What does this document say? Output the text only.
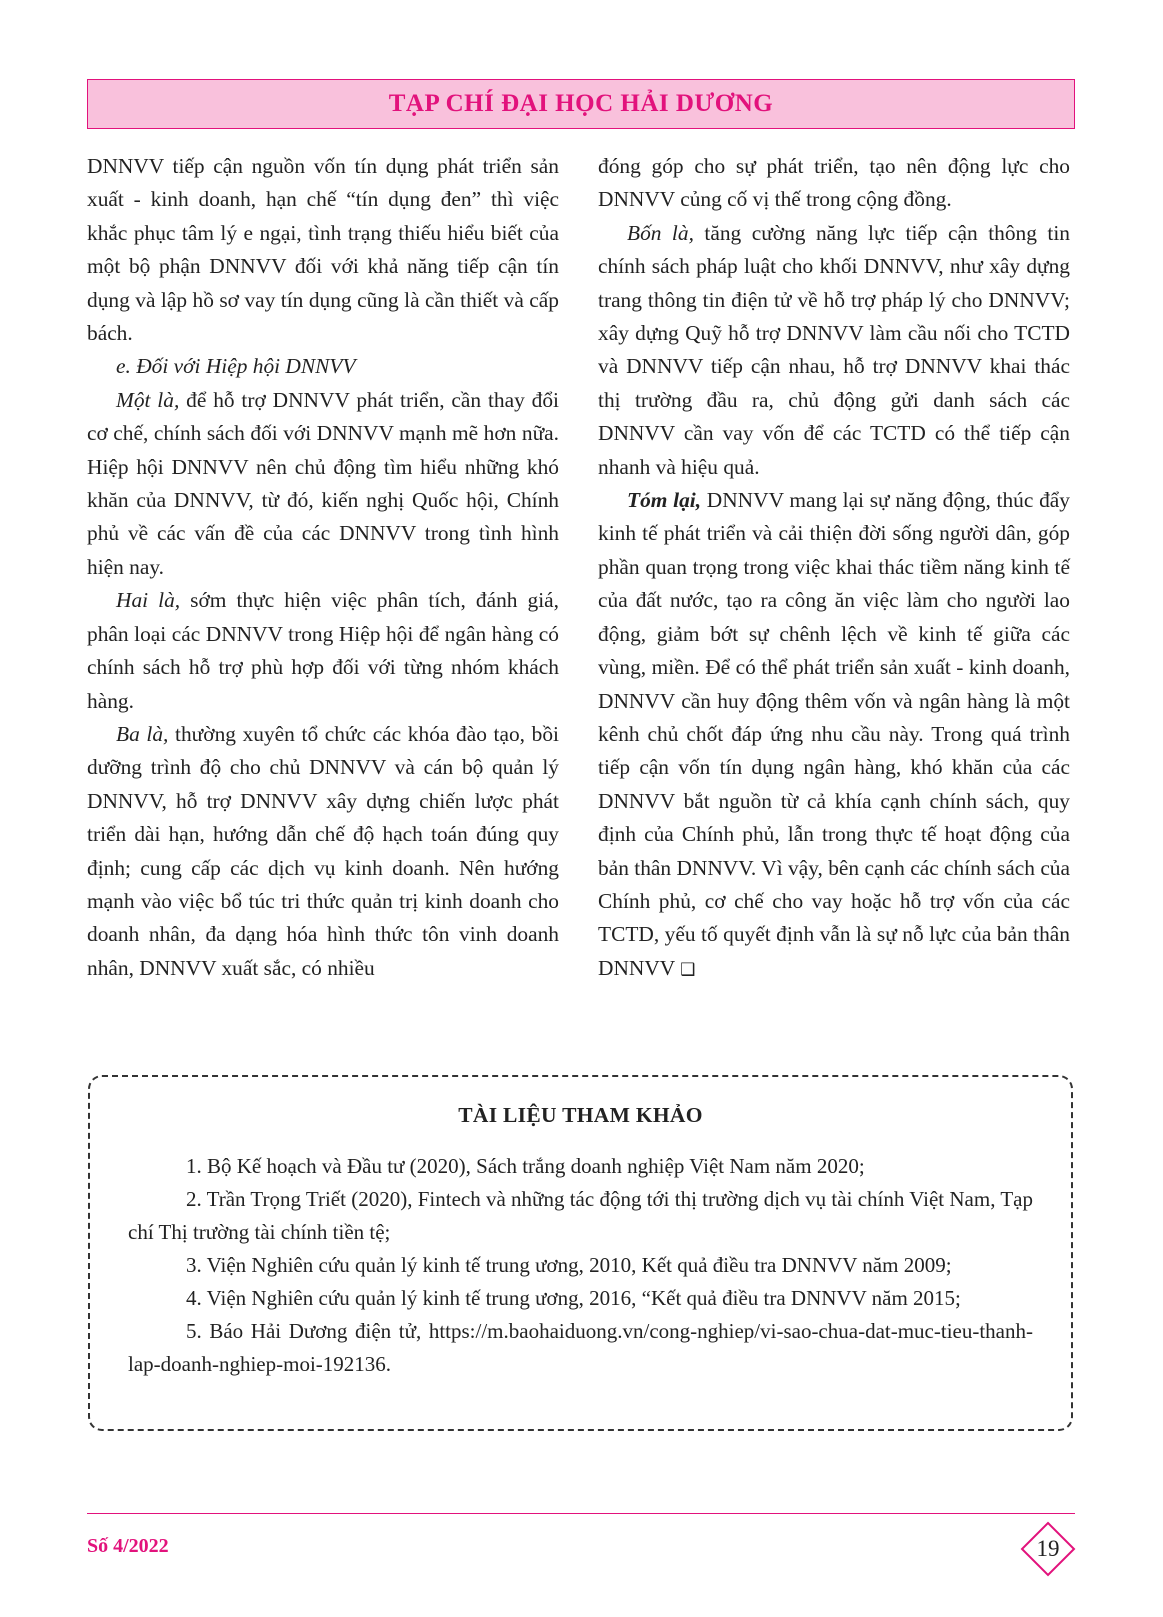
TẠP CHÍ ĐẠI HỌC HẢI DƯƠNG

DNNVV tiếp cận nguồn vốn tín dụng phát triển sản xuất - kinh doanh, hạn chế “tín dụng đen” thì việc khắc phục tâm lý e ngại, tình trạng thiếu hiểu biết của một bộ phận DNNVV đối với khả năng tiếp cận tín dụng và lập hồ sơ vay tín dụng cũng là cần thiết và cấp bách.

e. Đối với Hiệp hội DNNVV

Một là, để hỗ trợ DNNVV phát triển, cần thay đổi cơ chế, chính sách đối với DNNVV mạnh mẽ hơn nữa. Hiệp hội DNNVV nên chủ động tìm hiểu những khó khăn của DNNVV, từ đó, kiến nghị Quốc hội, Chính phủ về các vấn đề của các DNNVV trong tình hình hiện nay.

Hai là, sớm thực hiện việc phân tích, đánh giá, phân loại các DNNVV trong Hiệp hội để ngân hàng có chính sách hỗ trợ phù hợp đối với từng nhóm khách hàng.

Ba là, thường xuyên tổ chức các khóa đào tạo, bồi dưỡng trình độ cho chủ DNNVV và cán bộ quản lý DNNVV, hỗ trợ DNNVV xây dựng chiến lược phát triển dài hạn, hướng dẫn chế độ hạch toán đúng quy định; cung cấp các dịch vụ kinh doanh. Nên hướng mạnh vào việc bổ túc tri thức quản trị kinh doanh cho doanh nhân, đa dạng hóa hình thức tôn vinh doanh nhân, DNNVV xuất sắc, có nhiều

đóng góp cho sự phát triển, tạo nên động lực cho DNNVV củng cố vị thế trong cộng đồng.

Bốn là, tăng cường năng lực tiếp cận thông tin chính sách pháp luật cho khối DNNVV, như xây dựng trang thông tin điện tử về hỗ trợ pháp lý cho DNNVV; xây dựng Quỹ hỗ trợ DNNVV làm cầu nối cho TCTD và DNNVV tiếp cận nhau, hỗ trợ DNNVV khai thác thị trường đầu ra, chủ động gửi danh sách các DNNVV cần vay vốn để các TCTD có thể tiếp cận nhanh và hiệu quả.

Tóm lại, DNNVV mang lại sự năng động, thúc đẩy kinh tế phát triển và cải thiện đời sống người dân, góp phần quan trọng trong việc khai thác tiềm năng kinh tế của đất nước, tạo ra công ăn việc làm cho người lao động, giảm bớt sự chênh lệch về kinh tế giữa các vùng, miền. Để có thể phát triển sản xuất - kinh doanh, DNNVV cần huy động thêm vốn và ngân hàng là một kênh chủ chốt đáp ứng nhu cầu này. Trong quá trình tiếp cận vốn tín dụng ngân hàng, khó khăn của các DNNVV bắt nguồn từ cả khía cạnh chính sách, quy định của Chính phủ, lẫn trong thực tế hoạt động của bản thân DNNVV. Vì vậy, bên cạnh các chính sách của Chính phủ, cơ chế cho vay hoặc hỗ trợ vốn của các TCTD, yếu tố quyết định vẫn là sự nỗ lực của bản thân DNNVV ❑

TÀI LIỆU THAM KHẢO

1. Bộ Kế hoạch và Đầu tư (2020), Sách trắng doanh nghiệp Việt Nam năm 2020;

2. Trần Trọng Triết (2020), Fintech và những tác động tới thị trường dịch vụ tài chính Việt Nam, Tạp chí Thị trường tài chính tiền tệ;

3. Viện Nghiên cứu quản lý kinh tế trung ương, 2010, Kết quả điều tra DNNVV năm 2009;

4. Viện Nghiên cứu quản lý kinh tế trung ương, 2016, “Kết quả điều tra DNNVV năm 2015;

5. Báo Hải Dương điện tử, https://m.baohaiduong.vn/cong-nghiep/vi-sao-chua-dat-muc-tieu-thanh-lap-doanh-nghiep-moi-192136.

Số 4/2022	19
